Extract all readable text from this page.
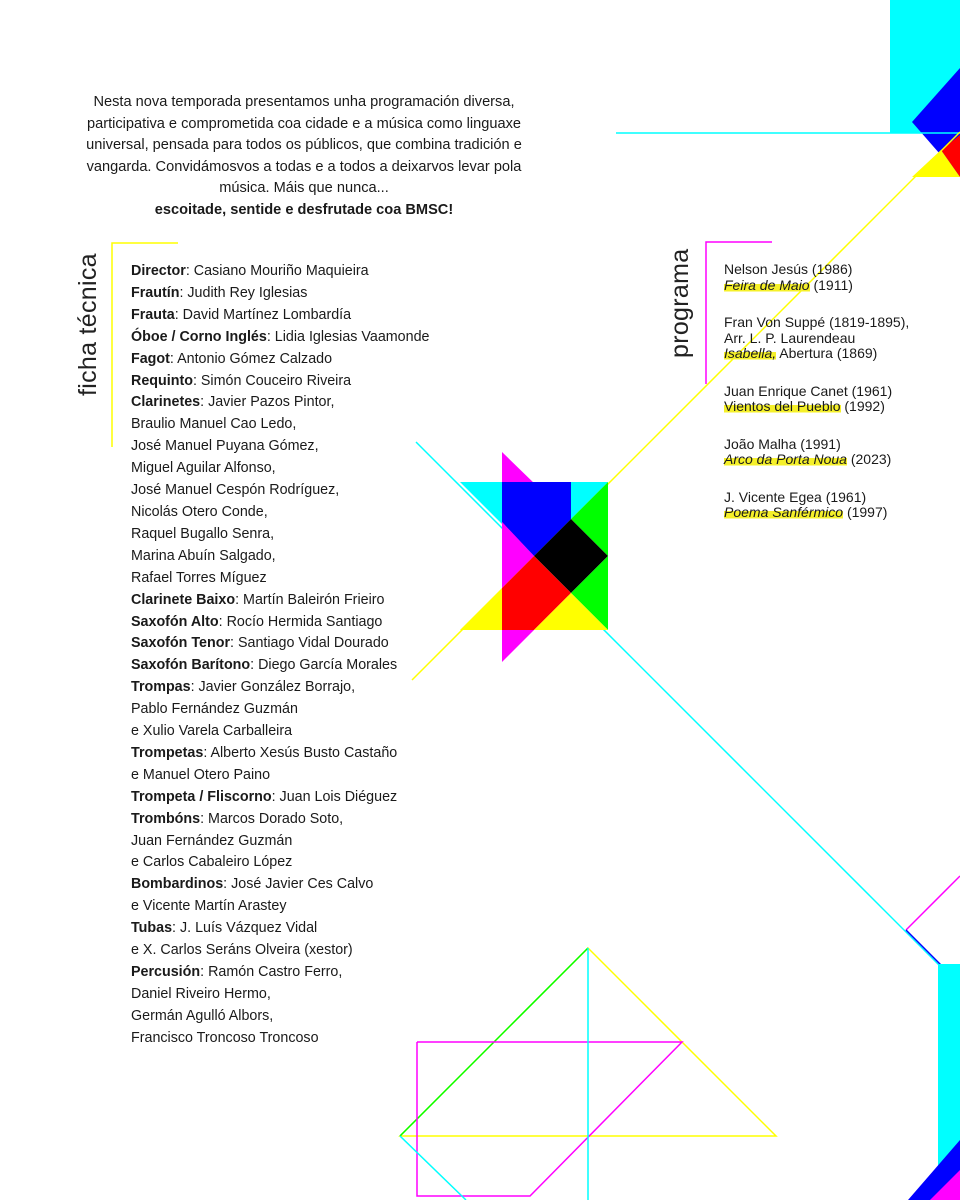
Nesta nova temporada presentamos unha programación diversa, participativa e comprometida coa cidade e a música como linguaxe universal, pensada para todos os públicos, que combina tradición e vangarda. Convidámosvos a todas e a todos a deixarvos levar pola música. Máis que nunca...
escoitade, sentide e desfrutade coa BMSC!
ficha técnica	programa
Director: Casiano Mouriño Maquieira
Frautín: Judith Rey Iglesias
Frauta: David Martínez Lombardía
Óboe / Corno Inglés: Lidia Iglesias Vaamonde
Fagot: Antonio Gómez Calzado
Requinto: Simón Couceiro Riveira
Clarinetes: Javier Pazos Pintor,
Braulio Manuel Cao Ledo,
José Manuel Puyana Gómez,
Miguel Aguilar Alfonso,
José Manuel Cespón Rodríguez,
Nicolás Otero Conde,
Raquel Bugallo Senra,
Marina Abuín Salgado,
Rafael Torres Míguez
Clarinete Baixo: Martín Baleirón Frieiro
Saxofón Alto: Rocío Hermida Santiago
Saxofón Tenor: Santiago Vidal Dourado
Saxofón Barítono: Diego García Morales
Trompas: Javier González Borrajo,
Pablo Fernández Guzmán
e Xulio Varela Carballeira
Trompetas: Alberto Xesús Busto Castaño
e Manuel Otero Paino
Trompeta / Fliscorno: Juan Lois Diéguez
Trombóns: Marcos Dorado Soto,
Juan Fernández Guzmán
e Carlos Cabaleiro López
Bombardinos: José Javier Ces Calvo
e Vicente Martín Arastey
Tubas: J. Luís Vázquez Vidal
e X. Carlos Seráns Olveira (xestor)
Percusión: Ramón Castro Ferro,
Daniel Riveiro Hermo,
Germán Agulló Albors,
Francisco Troncoso Troncoso
Nelson Jesús (1986)
Feira de Maio (1911)
Fran Von Suppé (1819-1895),
Arr. L. P. Laurendeau
Isabella, Abertura (1869)
Juan Enrique Canet (1961)
Vientos del Pueblo (1992)
João Malha (1991)
Arco da Porta Noua (2023)
J. Vicente Egea (1961)
Poema Sanférmico (1997)
